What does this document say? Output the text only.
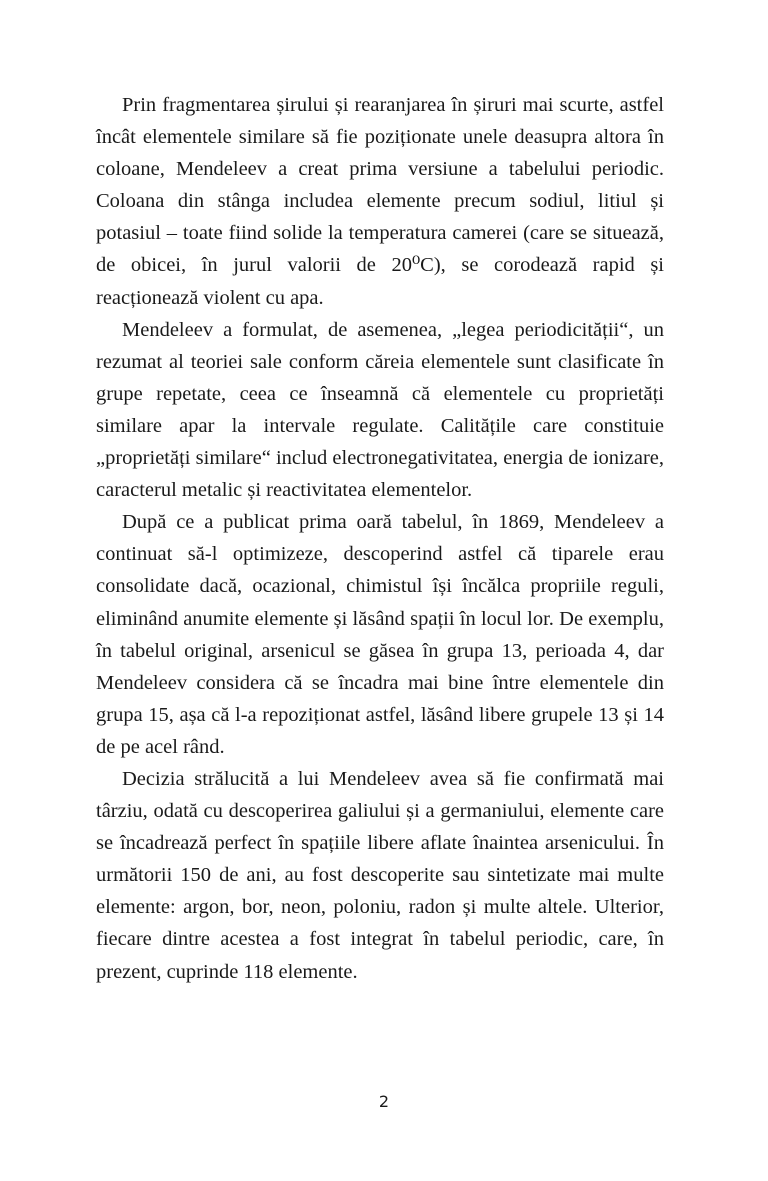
Prin fragmentarea șirului și rearanjarea în șiruri mai scurte, astfel încât elementele similare să fie poziționate unele deasupra altora în coloane, Mendeleev a creat prima versiune a tabelului periodic. Coloana din stânga includea elemente precum sodiul, litiul și potasiul – toate fiind solide la temperatura camerei (care se situează, de obicei, în jurul valorii de 20⁰C), se corodează rapid și reacționează violent cu apa.

Mendeleev a formulat, de asemenea, „legea periodicității“, un rezumat al teoriei sale conform căreia elementele sunt clasificate în grupe repetate, ceea ce înseamnă că elementele cu proprietăți similare apar la intervale regulate. Calitățile care constituie „proprietăți similare“ includ electronegativitatea, energia de ionizare, caracterul metalic și reactivitatea elementelor.

După ce a publicat prima oară tabelul, în 1869, Mendeleev a continuat să-l optimizeze, descoperind astfel că tiparele erau consolidate dacă, ocazional, chimistul își încălca propriile reguli, eliminând anumite elemente și lăsând spații în locul lor. De exemplu, în tabelul original, arsenicul se găsea în grupa 13, perioada 4, dar Mendeleev considera că se încadra mai bine între elementele din grupa 15, așa că l-a repoziționat astfel, lăsând libere grupele 13 și 14 de pe acel rând.

Decizia strălucită a lui Mendeleev avea să fie confirmată mai târziu, odată cu descoperirea galiului și a germaniului, elemente care se încadrează perfect în spațiile libere aflate înaintea arsenicului. În următorii 150 de ani, au fost descoperite sau sintetizate mai multe elemente: argon, bor, neon, poloniu, radon și multe altele. Ulterior, fiecare dintre acestea a fost integrat în tabelul periodic, care, în prezent, cuprinde 118 elemente.

2
